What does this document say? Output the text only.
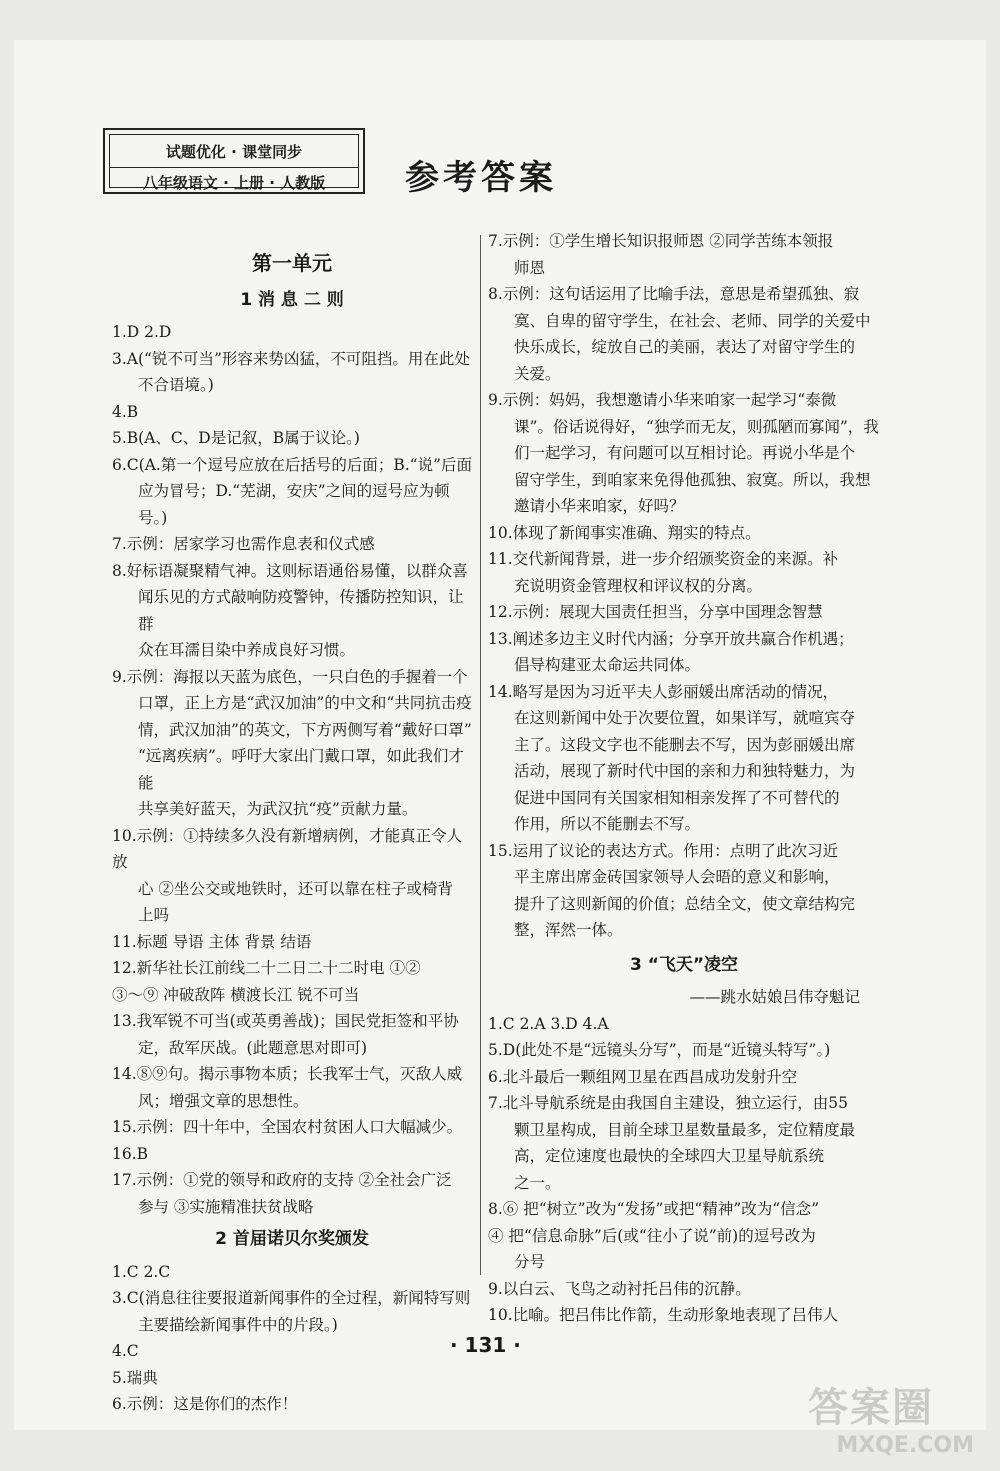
试题优化 · 课堂同步
八年级语文 · 上册 · 人教版	参考答案
第一单元
1 消 息 二 则
1.D 2.D
3.A(“锐不可当”形容来势凶猛，不可阻挡。用在此处
不合语境。)
4.B
5.B(A、C、D是记叙，B属于议论。)
6.C(A.第一个逗号应放在后括号的后面；B.“说”后面
应为冒号；D.“芜湖，安庆”之间的逗号应为顿号。)
7.示例：居家学习也需作息表和仪式感
8.好标语凝聚精气神。这则标语通俗易懂，以群众喜
闻乐见的方式敲响防疫警钟，传播防控知识，让群
众在耳濡目染中养成良好习惯。
9.示例：海报以天蓝为底色，一只白色的手握着一个
口罩，正上方是“武汉加油”的中文和“共同抗击疫
情，武汉加油”的英文，下方两侧写着“戴好口罩”
“远离疾病”。呼吁大家出门戴口罩，如此我们才能
共享美好蓝天，为武汉抗“疫”贡献力量。
10.示例：①持续多久没有新增病例，才能真正令人放
心 ②坐公交或地铁时，还可以靠在柱子或椅背
上吗
11.标题 导语 主体 背景 结语
12.新华社长江前线二十二日二十二时电 ①②
③～⑨ 冲破敌阵 横渡长江 锐不可当
13.我军锐不可当(或英勇善战)；国民党拒签和平协
定，敌军厌战。(此题意思对即可)
14.⑧⑨句。揭示事物本质；长我军士气，灭敌人威
风；增强文章的思想性。
15.示例：四十年中，全国农村贫困人口大幅减少。
16.B
17.示例：①党的领导和政府的支持 ②全社会广泛
参与 ③实施精准扶贫战略
2 首届诺贝尔奖颁发
1.C 2.C
3.C(消息往往要报道新闻事件的全过程，新闻特写则
主要描绘新闻事件中的片段。)
4.C
5.瑞典
6.示例：这是你们的杰作！
7.示例：①学生增长知识报师恩 ②同学苦练本领报
师恩
8.示例：这句话运用了比喻手法，意思是希望孤独、寂
寞、自卑的留守学生，在社会、老师、同学的关爱中
快乐成长，绽放自己的美丽，表达了对留守学生的
关爱。
9.示例：妈妈，我想邀请小华来咱家一起学习“泰微
课”。俗话说得好，“独学而无友，则孤陋而寡闻”，我
们一起学习，有问题可以互相讨论。再说小华是个
留守学生，到咱家来免得他孤独、寂寞。所以，我想
邀请小华来咱家，好吗？
10.体现了新闻事实准确、翔实的特点。
11.交代新闻背景，进一步介绍颁奖资金的来源。补
充说明资金管理权和评议权的分离。
12.示例：展现大国责任担当，分享中国理念智慧
13.阐述多边主义时代内涵；分享开放共赢合作机遇；
倡导构建亚太命运共同体。
14.略写是因为习近平夫人彭丽媛出席活动的情况，
在这则新闻中处于次要位置，如果详写，就喧宾夺
主了。这段文字也不能删去不写，因为彭丽媛出席
活动，展现了新时代中国的亲和力和独特魅力，为
促进中国同有关国家相知相亲发挥了不可替代的
作用，所以不能删去不写。
15.运用了议论的表达方式。作用：点明了此次习近
平主席出席金砖国家领导人会晤的意义和影响，
提升了这则新闻的价值；总结全文，使文章结构完
整，浑然一体。
3 “飞天”凌空
——跳水姑娘吕伟夺魁记
1.C 2.A 3.D 4.A
5.D(此处不是“远镜头分写”，而是“近镜头特写”。)
6.北斗最后一颗组网卫星在西昌成功发射升空
7.北斗导航系统是由我国自主建设，独立运行，由55
颗卫星构成，目前全球卫星数量最多，定位精度最
高，定位速度也最快的全球四大卫星导航系统
之一。
8.⑥ 把“树立”改为“发扬”或把“精神”改为“信念”
④ 把“信息命脉”后(或“往小了说”前)的逗号改为
分号
9.以白云、飞鸟之动衬托吕伟的沉静。
10.比喻。把吕伟比作箭，生动形象地表现了吕伟人
· 131 ·
答案圈
MXQE.COM
